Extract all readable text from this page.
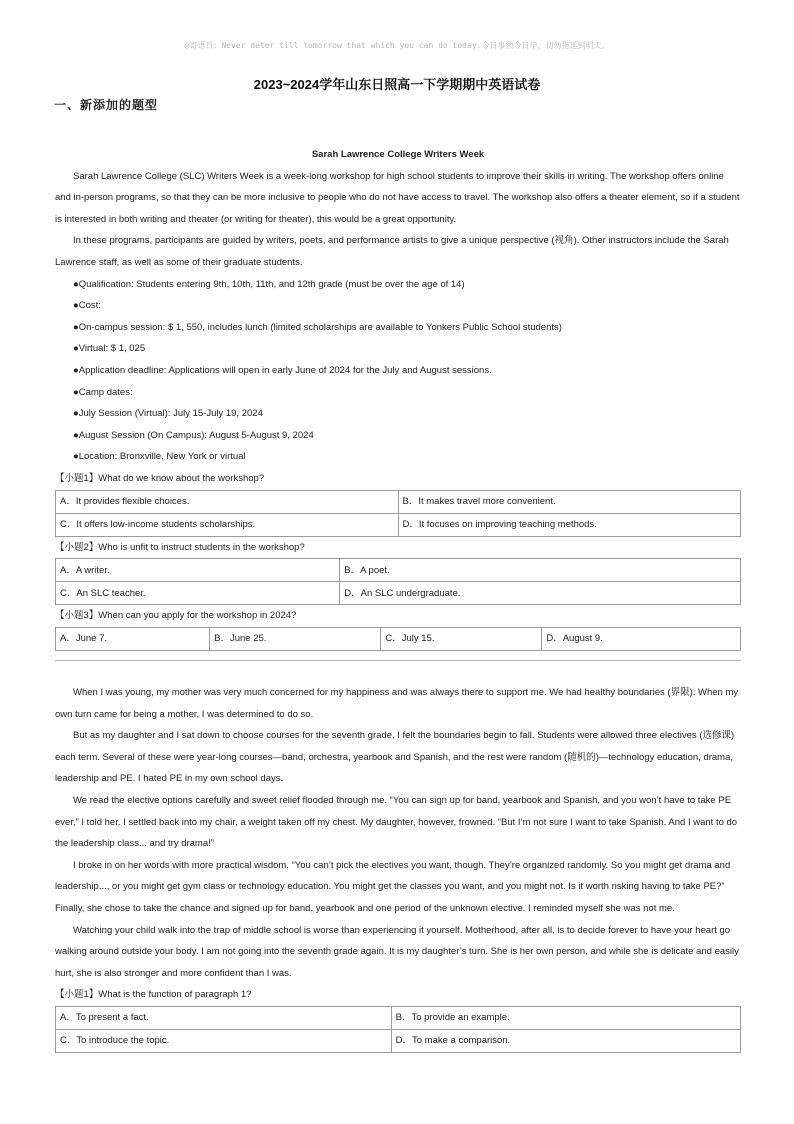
◎寄语日：Never deter till tomorrow that which you can do today.今日事须今日毕，切勿拖延到明天。
2023~2024学年山东日照高一下学期期中英语试卷
一、新添加的题型
Sarah Lawrence College Writers Week

Sarah Lawrence College (SLC) Writers Week is a week-long workshop for high school students to improve their skills in writing. The workshop offers online and in-person programs, so that they can be more inclusive to people who do not have access to travel. The workshop also offers a theater element, so if a student is interested in both writing and theater (or writing for theater), this would be a great opportunity.

In these programs, participants are guided by writers, poets, and performance artists to give a unique perspective (视角). Other instructors include the Sarah Lawrence staff, as well as some of their graduate students.

●Qualification: Students entering 9th, 10th, 11th, and 12th grade (must be over the age of 14)

●Cost:

●On-campus session: $ 1, 550, includes lunch (limited scholarships are available to Yonkers Public School students)

●Virtual: $ 1, 025

●Application deadline: Applications will open in early June of 2024 for the July and August sessions.

●Camp dates:

●July Session (Virtual): July 15-July 19, 2024

●August Session (On Campus): August 5-August 9, 2024

●Location: Bronxville, New York or virtual

【小题1】What do we know about the workshop?

A．It provides flexible choices.	B．It makes travel more convenient.
C．It offers low-income students scholarships.	D．It focuses on improving teaching methods.

【小题2】Who is unfit to instruct students in the workshop?

A．A writer.	B．A poet.
C．An SLC teacher.	D．An SLC undergraduate.

【小题3】When can you apply for the workshop in 2024?

A．June 7.	B．June 25.	C．July 15.	D．August 9.

When I was young, my mother was very much concerned for my happiness and was always there to support me. We had healthy boundaries (界限). When my own turn came for being a mother, I was determined to do so.

But as my daughter and I sat down to choose courses for the seventh grade, I felt the boundaries begin to fall. Students were allowed three electives (选修课) each term. Several of these were year-long courses—band, orchestra, yearbook and Spanish, and the rest were random (随机的)—technology education, drama, leadership and PE. I hated PE in my own school days.

We read the elective options carefully and sweet relief flooded through me. “You can sign up for band, yearbook and Spanish, and you won’t have to take PE ever,” I told her. I settled back into my chair, a weight taken off my chest. My daughter, however, frowned. “But I’m not sure I want to take Spanish. And I want to do the leadership class... and try drama!”

I broke in on her words with more practical wisdom. “You can’t pick the electives you want, though. They’re organized randomly. So you might get drama and leadership..., or you might get gym class or technology education. You might get the classes you want, and you might not. Is it worth risking having to take PE?” Finally, she chose to take the chance and signed up for band, yearbook and one period of the unknown elective. I reminded myself she was not me.

Watching your child walk into the trap of middle school is worse than experiencing it yourself. Motherhood, after all, is to decide forever to have your heart go walking around outside your body. I am not going into the seventh grade again. It is my daughter’s turn. She is her own person, and while she is delicate and easily hurt, she is also stronger and more confident than I was.

【小题1】What is the function of paragraph 1?

A．To present a fact.	B．To provide an example.
C．To introduce the topic.	D．To make a comparison.
